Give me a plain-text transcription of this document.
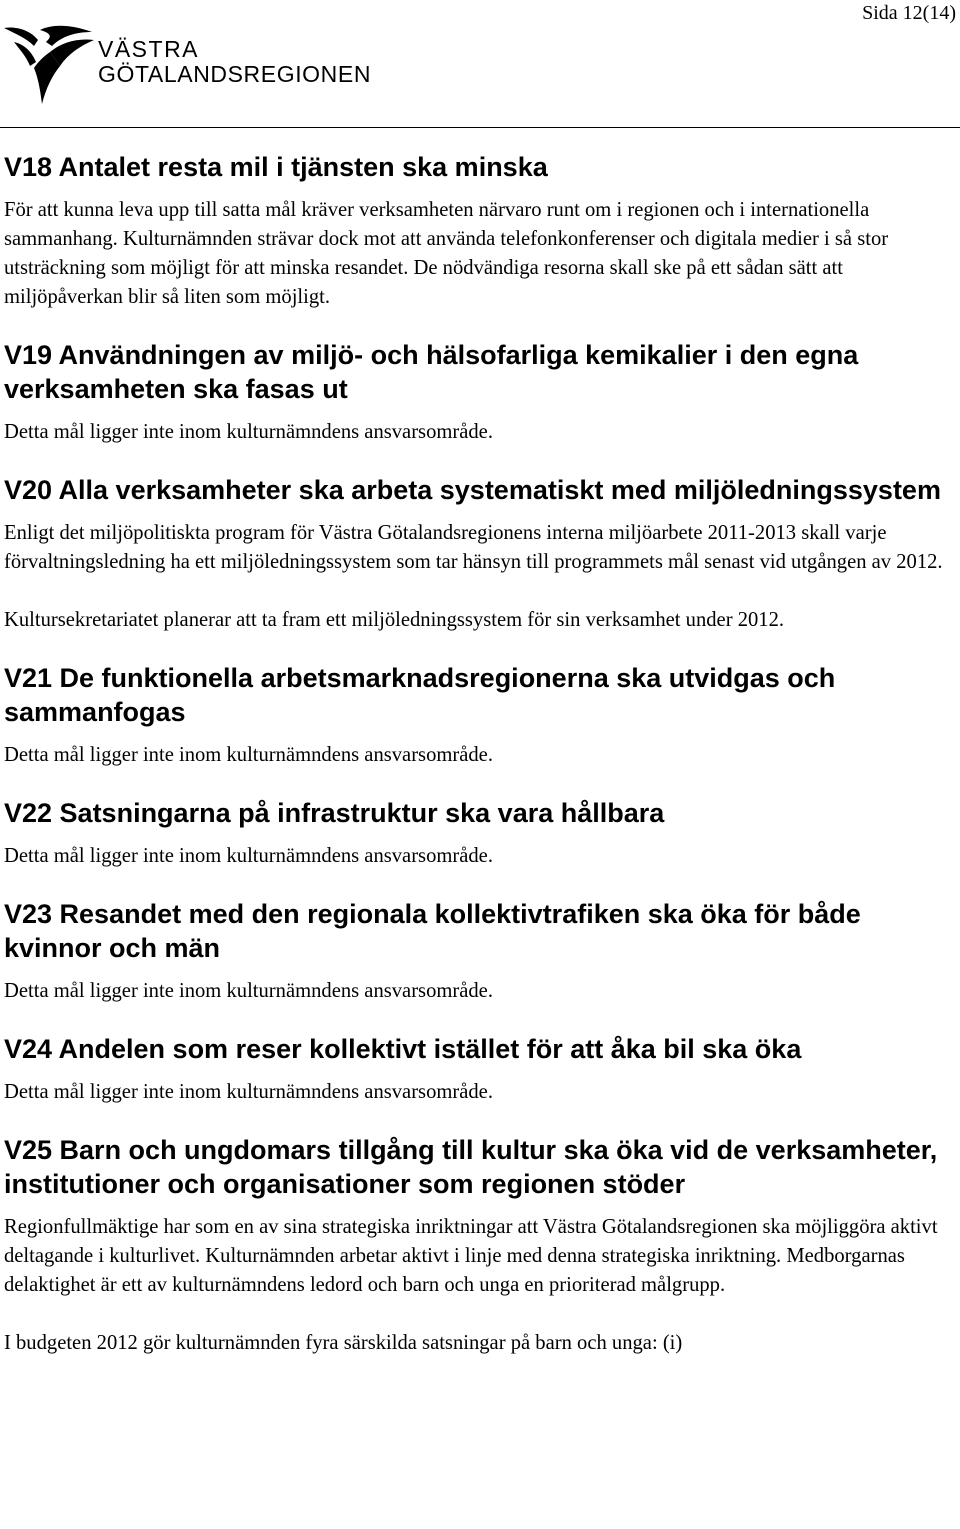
Sida 12(14)
VÄSTRA
GÖTALANDSREGIONEN
V18 Antalet resta mil i tjänsten ska minska

För att kunna leva upp till satta mål kräver verksamheten närvaro runt om i regionen och i internationella sammanhang. Kulturnämnden strävar dock mot att använda telefonkonferenser och digitala medier i så stor utsträckning som möjligt för att minska resandet. De nödvändiga resorna skall ske på ett sådan sätt att miljöpåverkan blir så liten som möjligt.

V19 Användningen av miljö- och hälsofarliga kemikalier i den egna verksamheten ska fasas ut

Detta mål ligger inte inom kulturnämndens ansvarsområde.

V20 Alla verksamheter ska arbeta systematiskt med miljöledningssystem

Enligt det miljöpolitiskta program för Västra Götalandsregionens interna miljöarbete 2011-2013 skall varje förvaltningsledning ha ett miljöledningssystem som tar hänsyn till programmets mål senast vid utgången av 2012.

Kultursekretariatet planerar att ta fram ett miljöledningssystem för sin verksamhet under 2012.

V21 De funktionella arbetsmarknadsregionerna ska utvidgas och sammanfogas

Detta mål ligger inte inom kulturnämndens ansvarsområde.

V22 Satsningarna på infrastruktur ska vara hållbara

Detta mål ligger inte inom kulturnämndens ansvarsområde.

V23 Resandet med den regionala kollektivtrafiken ska öka för både kvinnor och män

Detta mål ligger inte inom kulturnämndens ansvarsområde.

V24 Andelen som reser kollektivt istället för att åka bil ska öka

Detta mål ligger inte inom kulturnämndens ansvarsområde.

V25 Barn och ungdomars tillgång till kultur ska öka vid de verksamheter, institutioner och organisationer som regionen stöder

Regionfullmäktige har som en av sina strategiska inriktningar att Västra Götalandsregionen ska möjliggöra aktivt deltagande i kulturlivet. Kulturnämnden arbetar aktivt i linje med denna strategiska inriktning. Medborgarnas delaktighet är ett av kulturnämndens ledord och barn och unga en prioriterad målgrupp.

I budgeten 2012 gör kulturnämnden fyra särskilda satsningar på barn och unga: (i)
